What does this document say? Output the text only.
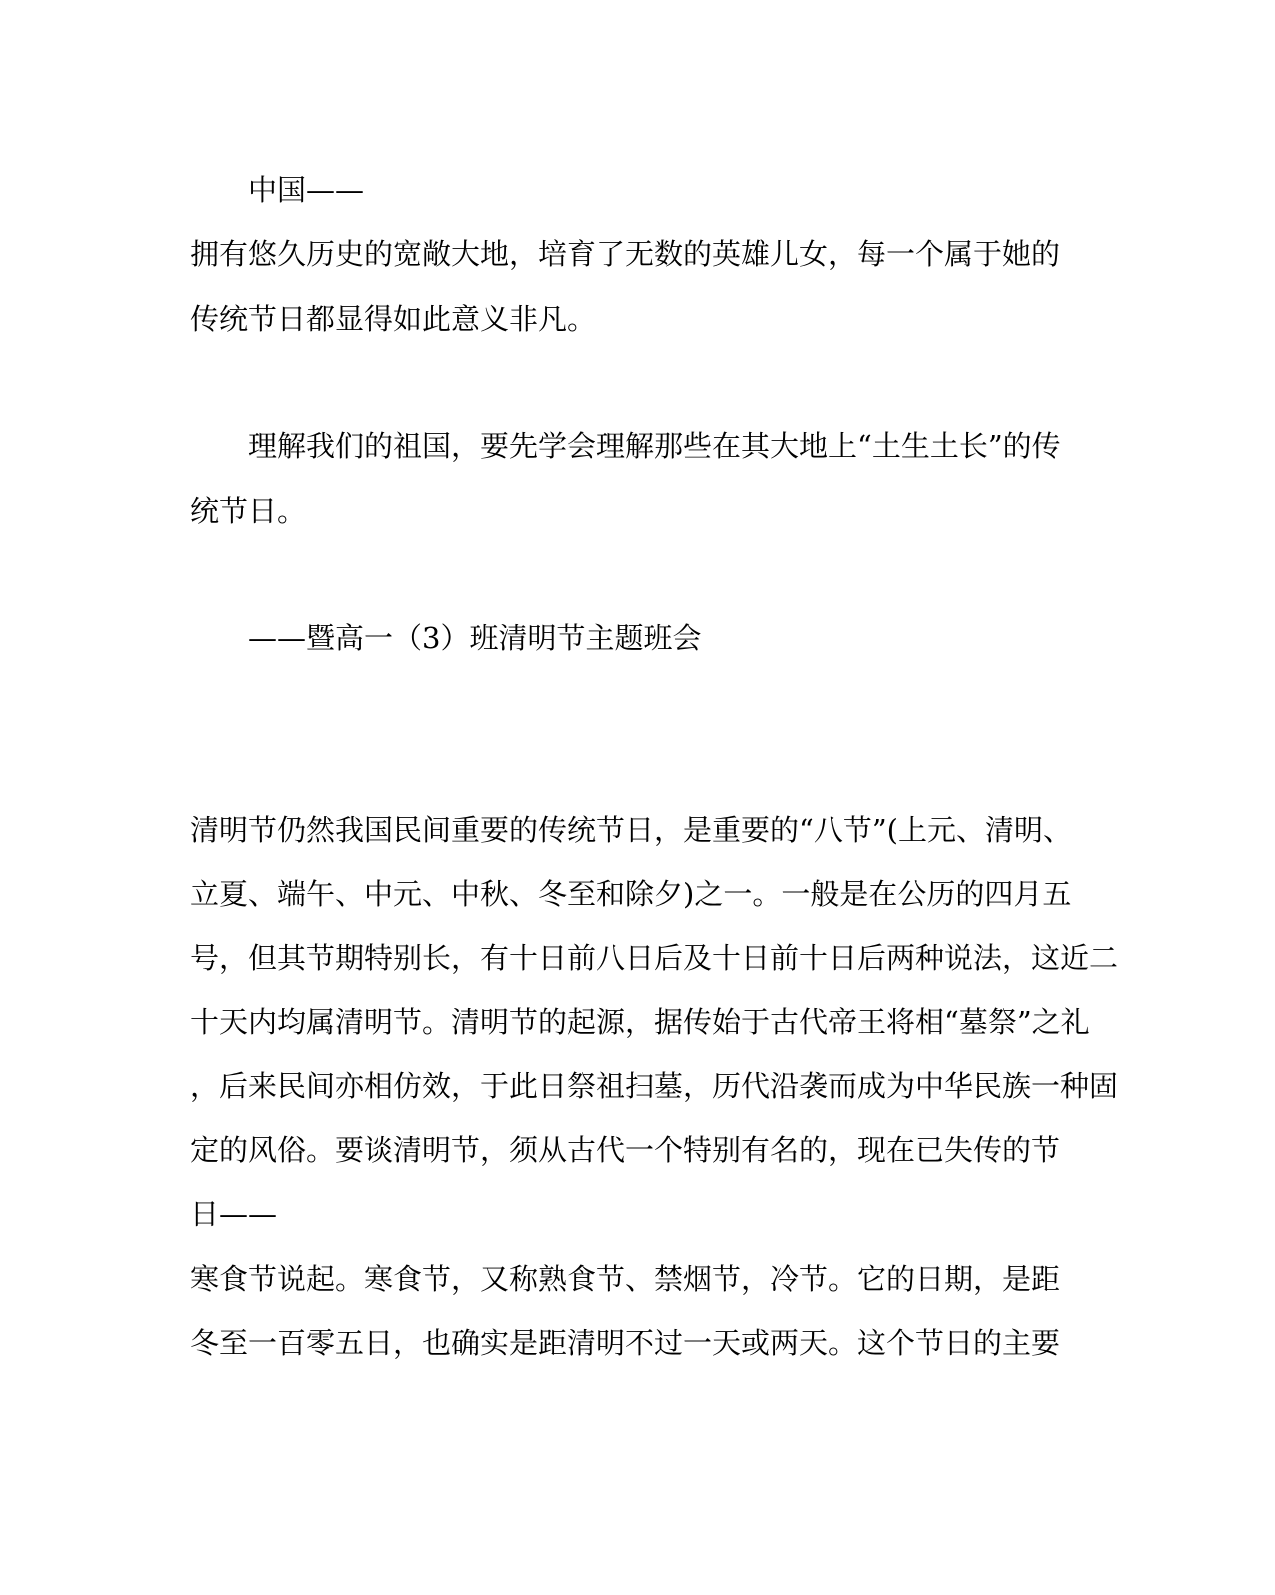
中国——
拥有悠久历史的宽敞大地，培育了无数的英雄儿女，每一个属于她的
传统节日都显得如此意义非凡。
理解我们的祖国，要先学会理解那些在其大地上“土生土长”的传
统节日。
——暨高一（3）班清明节主题班会
清明节仍然我国民间重要的传统节日，是重要的“八节”(上元、清明、
立夏、端午、中元、中秋、冬至和除夕)之一。一般是在公历的四月五
号，但其节期特别长，有十日前八日后及十日前十日后两种说法，这近二
十天内均属清明节。清明节的起源，据传始于古代帝王将相“墓祭”之礼
，后来民间亦相仿效，于此日祭祖扫墓，历代沿袭而成为中华民族一种固
定的风俗。要谈清明节，须从古代一个特别有名的，现在已失传的节
日——
寒食节说起。寒食节，又称熟食节、禁烟节，冷节。它的日期，是距
冬至一百零五日，也确实是距清明不过一天或两天。这个节日的主要
